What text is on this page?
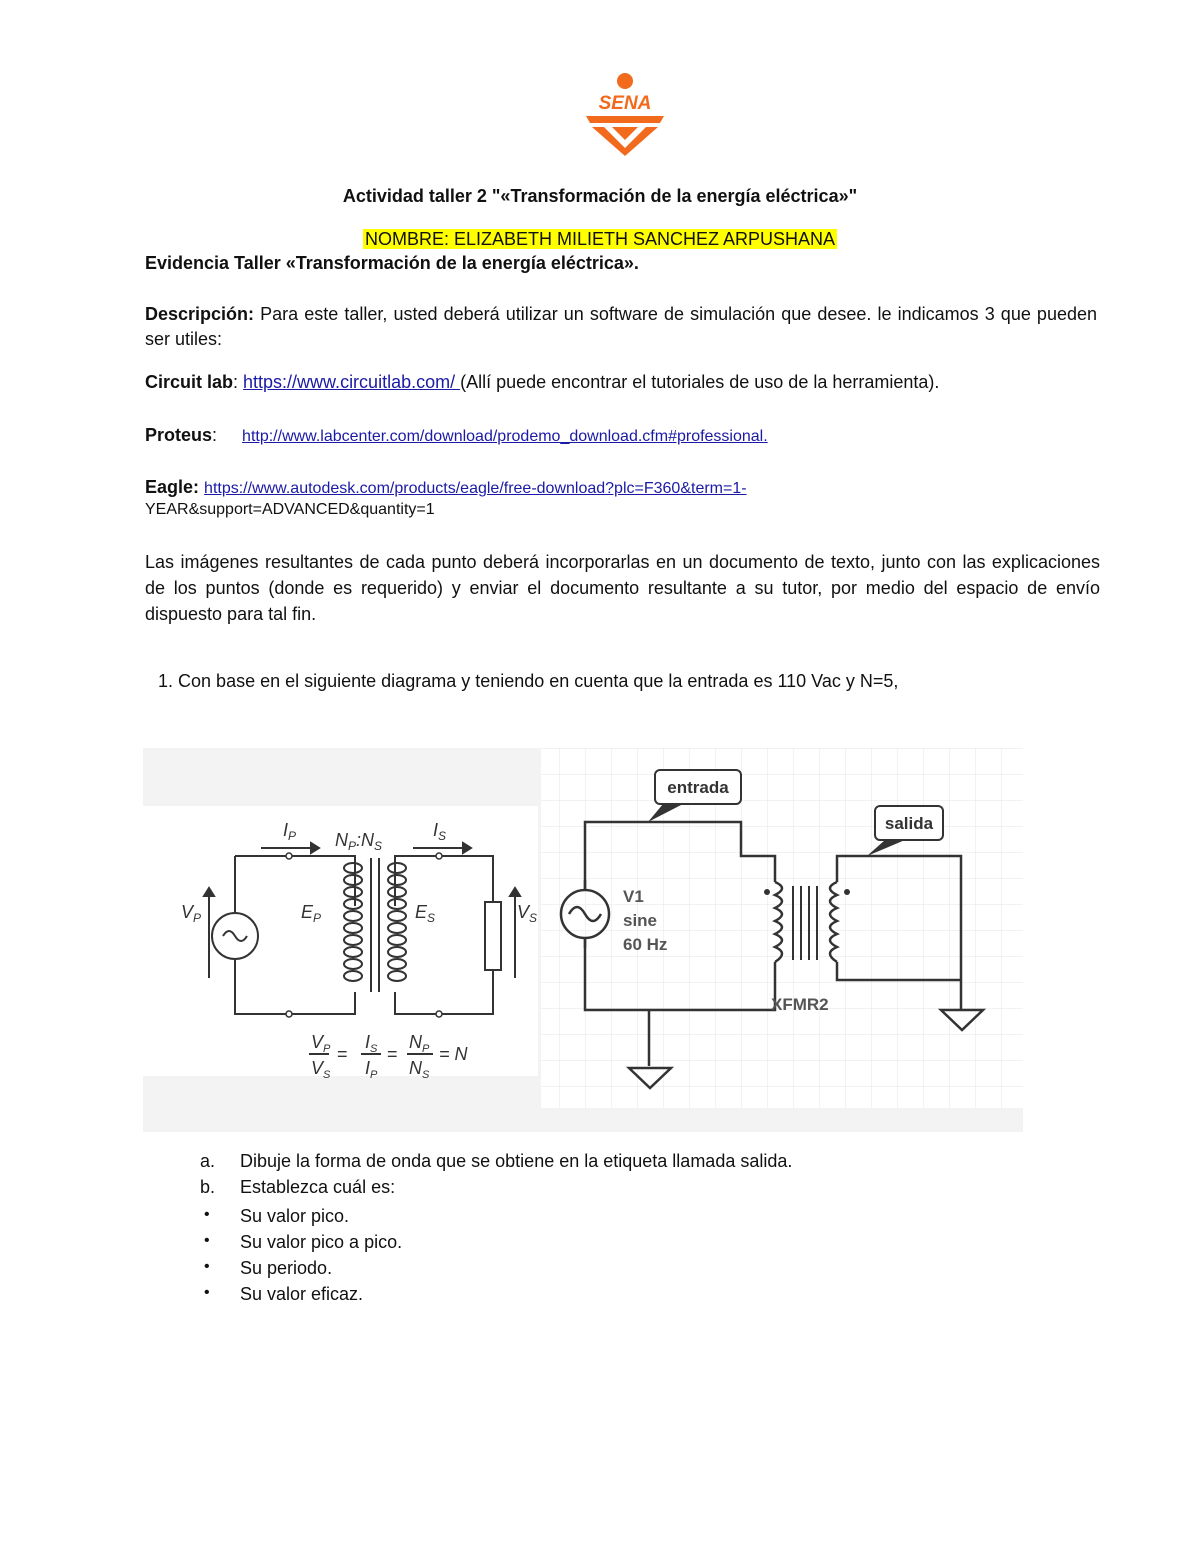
SENA
Actividad taller 2 "«Transformación de la energía eléctrica»"
NOMBRE: ELIZABETH MILIETH SANCHEZ ARPUSHANA
Evidencia Taller «Transformación de la energía eléctrica».
Descripción: Para este taller, usted deberá utilizar un software de simulación que desee. le indicamos 3 que pueden ser utiles:
Circuit lab: https://www.circuitlab.com/ (Allí puede encontrar el tutoriales de uso de la herramienta).
Proteus:     http://www.labcenter.com/download/prodemo_download.cfm#professional.
Eagle: https://www.autodesk.com/products/eagle/free-download?plc=F360&term=1-
YEAR&support=ADVANCED&quantity=1
Las imágenes resultantes de cada punto deberá incorporarlas en un documento de texto, junto con las explicaciones de los puntos (donde es requerido) y enviar el documento resultante a su tutor, por medio del espacio de envío dispuesto para tal fin.
1. Con base en el siguiente diagrama y teniendo en cuenta que la entrada es 110 Vac y N=5,
$I_P$ $N_P:N_S$
$I_S$
$V_P$	$E_P$	$E_S$	$V_S$
$V_P$
$V_S$
=
$I_S$
$I_P$
=
$N_P$
$N_S$
= N
entrada
salida
V1
sine
60 Hz
XFMR2
a.	Dibuje la forma de onda que se obtiene en la etiqueta llamada salida.
b.	Establezca cuál es:
•	Su valor pico.
•	Su valor pico a pico.
•	Su periodo.
•	Su valor eficaz.
